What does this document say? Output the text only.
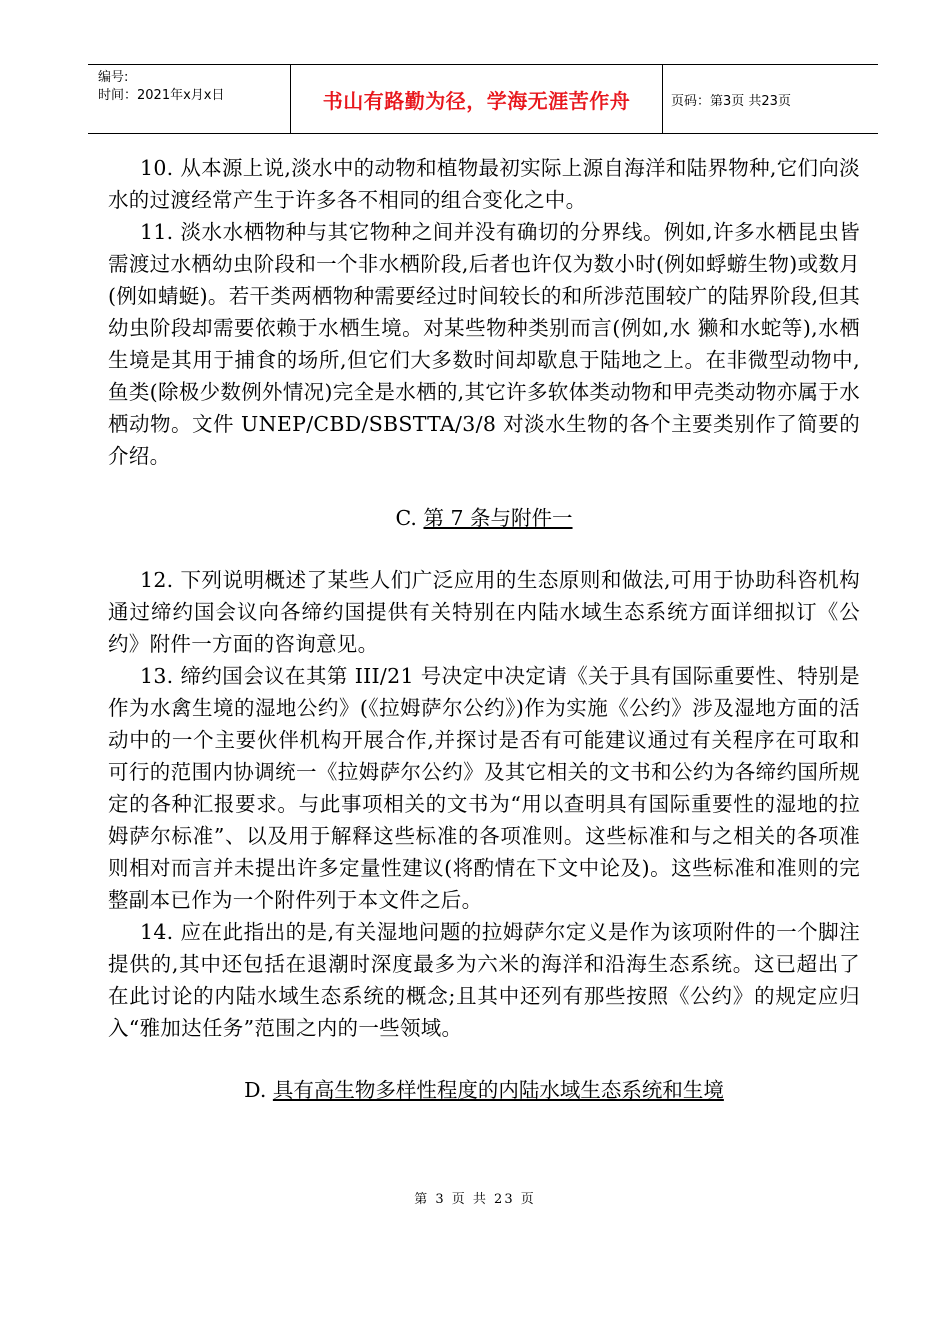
编号:
时间：2021年x月x日	书山有路勤为径，学海无涯苦作舟	页码：第3页 共23页

10. 从本源上说,淡水中的动物和植物最初实际上源自海洋和陆界物种,它们向淡水的过渡经常产生于许多各不相同的组合变化之中。

11. 淡水水栖物种与其它物种之间并没有确切的分界线。例如,许多水栖昆虫皆需渡过水栖幼虫阶段和一个非水栖阶段,后者也许仅为数小时(例如蜉蝣生物)或数月(例如蜻蜓)。若干类两栖物种需要经过时间较长的和所涉范围较广的陆界阶段,但其幼虫阶段却需要依赖于水栖生境。对某些物种类别而言(例如,水 獭和水蛇等),水栖生境是其用于捕食的场所,但它们大多数时间却歇息于陆地之上。在非微型动物中,鱼类(除极少数例外情况)完全是水栖的,其它许多软体类动物和甲壳类动物亦属于水栖动物。文件 UNEP/CBD/SBSTTA/3/8 对淡水生物的各个主要类别作了简要的介绍。

C. 第 7 条与附件一

12. 下列说明概述了某些人们广泛应用的生态原则和做法,可用于协助科咨机构通过缔约国会议向各缔约国提供有关特别在内陆水域生态系统方面详细拟订《公约》附件一方面的咨询意见。

13. 缔约国会议在其第 III/21 号决定中决定请《关于具有国际重要性、特别是作为水禽生境的湿地公约》(《拉姆萨尔公约》)作为实施《公约》涉及湿地方面的活动中的一个主要伙伴机构开展合作,并探讨是否有可能建议通过有关程序在可取和可行的范围内协调统一《拉姆萨尔公约》及其它相关的文书和公约为各缔约国所规定的各种汇报要求。与此事项相关的文书为“用以查明具有国际重要性的湿地的拉姆萨尔标准”、以及用于解释这些标准的各项准则。这些标准和与之相关的各项准则相对而言并未提出许多定量性建议(将酌情在下文中论及)。这些标准和准则的完整副本已作为一个附件列于本文件之后。

14. 应在此指出的是,有关湿地问题的拉姆萨尔定义是作为该项附件的一个脚注提供的,其中还包括在退潮时深度最多为六米的海洋和沿海生态系统。这已超出了在此讨论的内陆水域生态系统的概念;且其中还列有那些按照《公约》的规定应归入“雅加达任务”范围之内的一些领域。

D. 具有高生物多样性程度的内陆水域生态系统和生境

第 3 页 共 23 页
